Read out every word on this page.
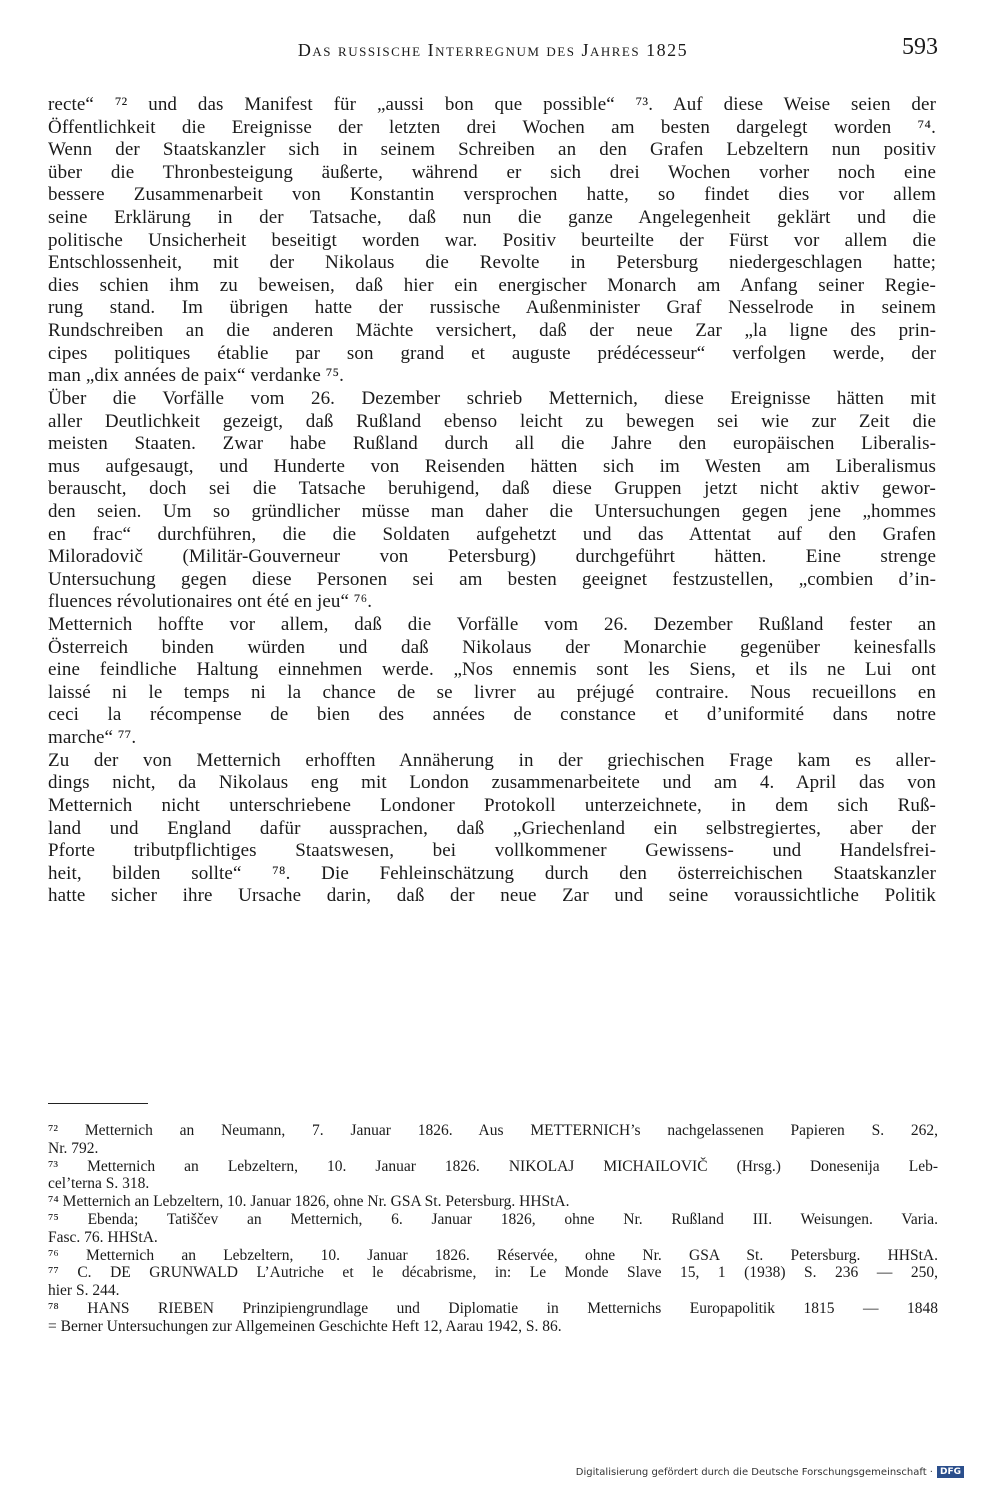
Das russische Interregnum des Jahres 1825	593
recte“ ⁷² und das Manifest für „aussi bon que possible“ ⁷³. Auf diese Weise seien der
Öffentlichkeit die Ereignisse der letzten drei Wochen am besten dargelegt worden ⁷⁴.
Wenn der Staatskanzler sich in seinem Schreiben an den Grafen Lebzeltern nun positiv
über die Thronbesteigung äußerte, während er sich drei Wochen vorher noch eine
bessere Zusammenarbeit von Konstantin versprochen hatte, so findet dies vor allem
seine Erklärung in der Tatsache, daß nun die ganze Angelegenheit geklärt und die
politische Unsicherheit beseitigt worden war. Positiv beurteilte der Fürst vor allem die
Entschlossenheit, mit der Nikolaus die Revolte in Petersburg niedergeschlagen hatte;
dies schien ihm zu beweisen, daß hier ein energischer Monarch am Anfang seiner Regie-
rung stand. Im übrigen hatte der russische Außenminister Graf Nesselrode in seinem
Rundschreiben an die anderen Mächte versichert, daß der neue Zar „la ligne des prin-
cipes politiques établie par son grand et auguste prédécesseur“ verfolgen werde, der
man „dix années de paix“ verdanke ⁷⁵.
Über die Vorfälle vom 26. Dezember schrieb Metternich, diese Ereignisse hätten mit
aller Deutlichkeit gezeigt, daß Rußland ebenso leicht zu bewegen sei wie zur Zeit die
meisten Staaten. Zwar habe Rußland durch all die Jahre den europäischen Liberalis-
mus aufgesaugt, und Hunderte von Reisenden hätten sich im Westen am Liberalismus
berauscht, doch sei die Tatsache beruhigend, daß diese Gruppen jetzt nicht aktiv gewor-
den seien. Um so gründlicher müsse man daher die Untersuchungen gegen jene „hommes
en frac“ durchführen, die die Soldaten aufgehetzt und das Attentat auf den Grafen
Miloradovič (Militär-Gouverneur von Petersburg) durchgeführt hätten. Eine strenge
Untersuchung gegen diese Personen sei am besten geeignet festzustellen, „combien d’in-
fluences révolutionaires ont été en jeu“ ⁷⁶.
Metternich hoffte vor allem, daß die Vorfälle vom 26. Dezember Rußland fester an
Österreich binden würden und daß Nikolaus der Monarchie gegenüber keinesfalls
eine feindliche Haltung einnehmen werde. „Nos ennemis sont les Siens, et ils ne Lui ont
laissé ni le temps ni la chance de se livrer au préjugé contraire. Nous recueillons en
ceci la récompense de bien des années de constance et d’uniformité dans notre
marche“ ⁷⁷.
Zu der von Metternich erhofften Annäherung in der griechischen Frage kam es aller-
dings nicht, da Nikolaus eng mit London zusammenarbeitete und am 4. April das von
Metternich nicht unterschriebene Londoner Protokoll unterzeichnete, in dem sich Ruß-
land und England dafür aussprachen, daß „Griechenland ein selbstregiertes, aber der
Pforte tributpflichtiges Staatswesen, bei vollkommener Gewissens- und Handelsfrei-
heit, bilden sollte“ ⁷⁸. Die Fehleinschätzung durch den österreichischen Staatskanzler
hatte sicher ihre Ursache darin, daß der neue Zar und seine voraussichtliche Politik
⁷² Metternich an Neumann, 7. Januar 1826. Aus METTERNICH’s nachgelassenen Papieren S. 262,
Nr. 792.
⁷³ Metternich an Lebzeltern, 10. Januar 1826. NIKOLAJ MICHAILOVIČ (Hrsg.) Donesenija Leb-
cel’terna S. 318.
⁷⁴ Metternich an Lebzeltern, 10. Januar 1826, ohne Nr. GSA St. Petersburg. HHStA.
⁷⁵ Ebenda; Tatiščev an Metternich, 6. Januar 1826, ohne Nr. Rußland III. Weisungen. Varia.
Fasc. 76. HHStA.
⁷⁶ Metternich an Lebzeltern, 10. Januar 1826. Réservée, ohne Nr. GSA St. Petersburg. HHStA.
⁷⁷ C. DE GRUNWALD L’Autriche et le décabrisme, in: Le Monde Slave 15, 1 (1938) S. 236 — 250,
hier S. 244.
⁷⁸ HANS RIEBEN Prinzipiengrundlage und Diplomatie in Metternichs Europapolitik 1815 — 1848
= Berner Untersuchungen zur Allgemeinen Geschichte Heft 12, Aarau 1942, S. 86.
Digitalisierung gefördert durch die Deutsche Forschungsgemeinschaft · DFG
